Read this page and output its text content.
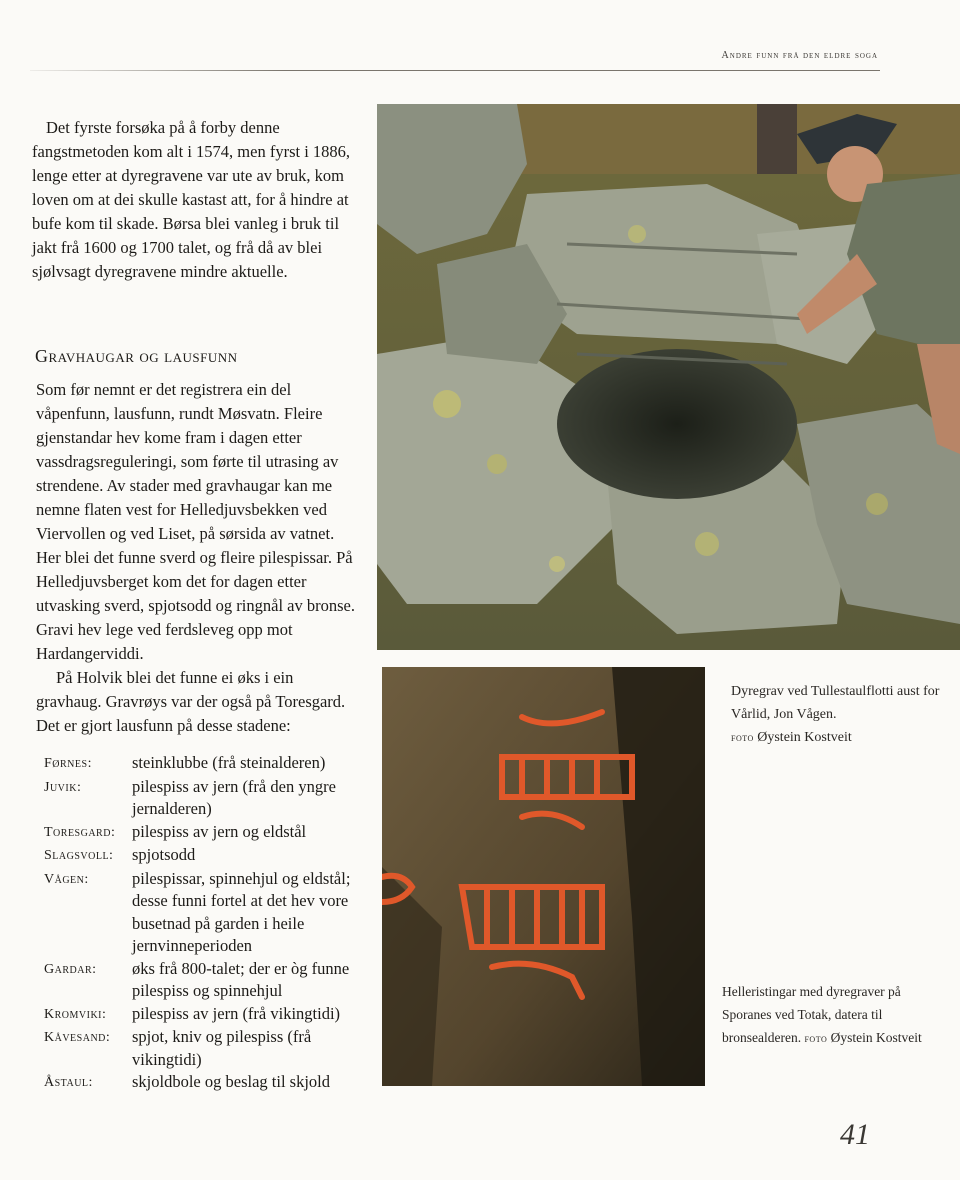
Andre funn frå den eldre soga

Det fyrste forsøka på å forby denne fangstmetoden kom alt i 1574, men fyrst i 1886, lenge etter at dyregravene var ute av bruk, kom loven om at dei skulle kastast att, for å hindre at bufe kom til skade. Børsa blei vanleg i bruk til jakt frå 1600 og 1700 talet, og frå då av blei sjølvsagt dyregravene mindre aktuelle.

Gravhaugar og lausfunn

Som før nemnt er det registrera ein del våpenfunn, lausfunn, rundt Møsvatn. Fleire gjenstandar hev kome fram i dagen etter vassdragsreguleringi, som førte til utrasing av strendene. Av stader med gravhaugar kan me nemne flaten vest for Helledjuvsbekken ved Viervollen og ved Liset, på sørsida av vatnet. Her blei det funne sverd og fleire pilespissar. På Helledjuvsberget kom det for dagen etter utvasking sverd, spjotsodd og ringnål av bronse. Gravi hev lege ved ferdsleveg opp mot Hardangerviddi.

På Holvik blei det funne ei øks i ein gravhaug. Gravrøys var der også på Toresgard. Det er gjort lausfunn på desse stadene:

Førnes:	steinklubbe (frå steinalderen)
Juvik:	pilespiss av jern (frå den yngre jernalderen)
Toresgard:	pilespiss av jern og eldstål
Slagsvoll:	spjotsodd
Vågen:	pilespissar, spinnehjul og eldstål; desse funni fortel at det hev vore busetnad på garden i heile jernvinneperioden
Gardar:	øks frå 800-talet; der er òg funne pilespiss og spinnehjul
Kromviki:	pilespiss av jern (frå vikingtidi)
Kåvesand:	spjot, kniv og pilespiss (frå vikingtidi)
Åstaul:	skjoldbole og beslag til skjold
Dyregrav ved Tullestaulflotti aust for Vårlid, Jon Vågen.
foto Øystein Kostveit
Helleristingar med dyregraver på Sporanes ved Totak, datera til bronsealderen. foto Øystein Kostveit
41
